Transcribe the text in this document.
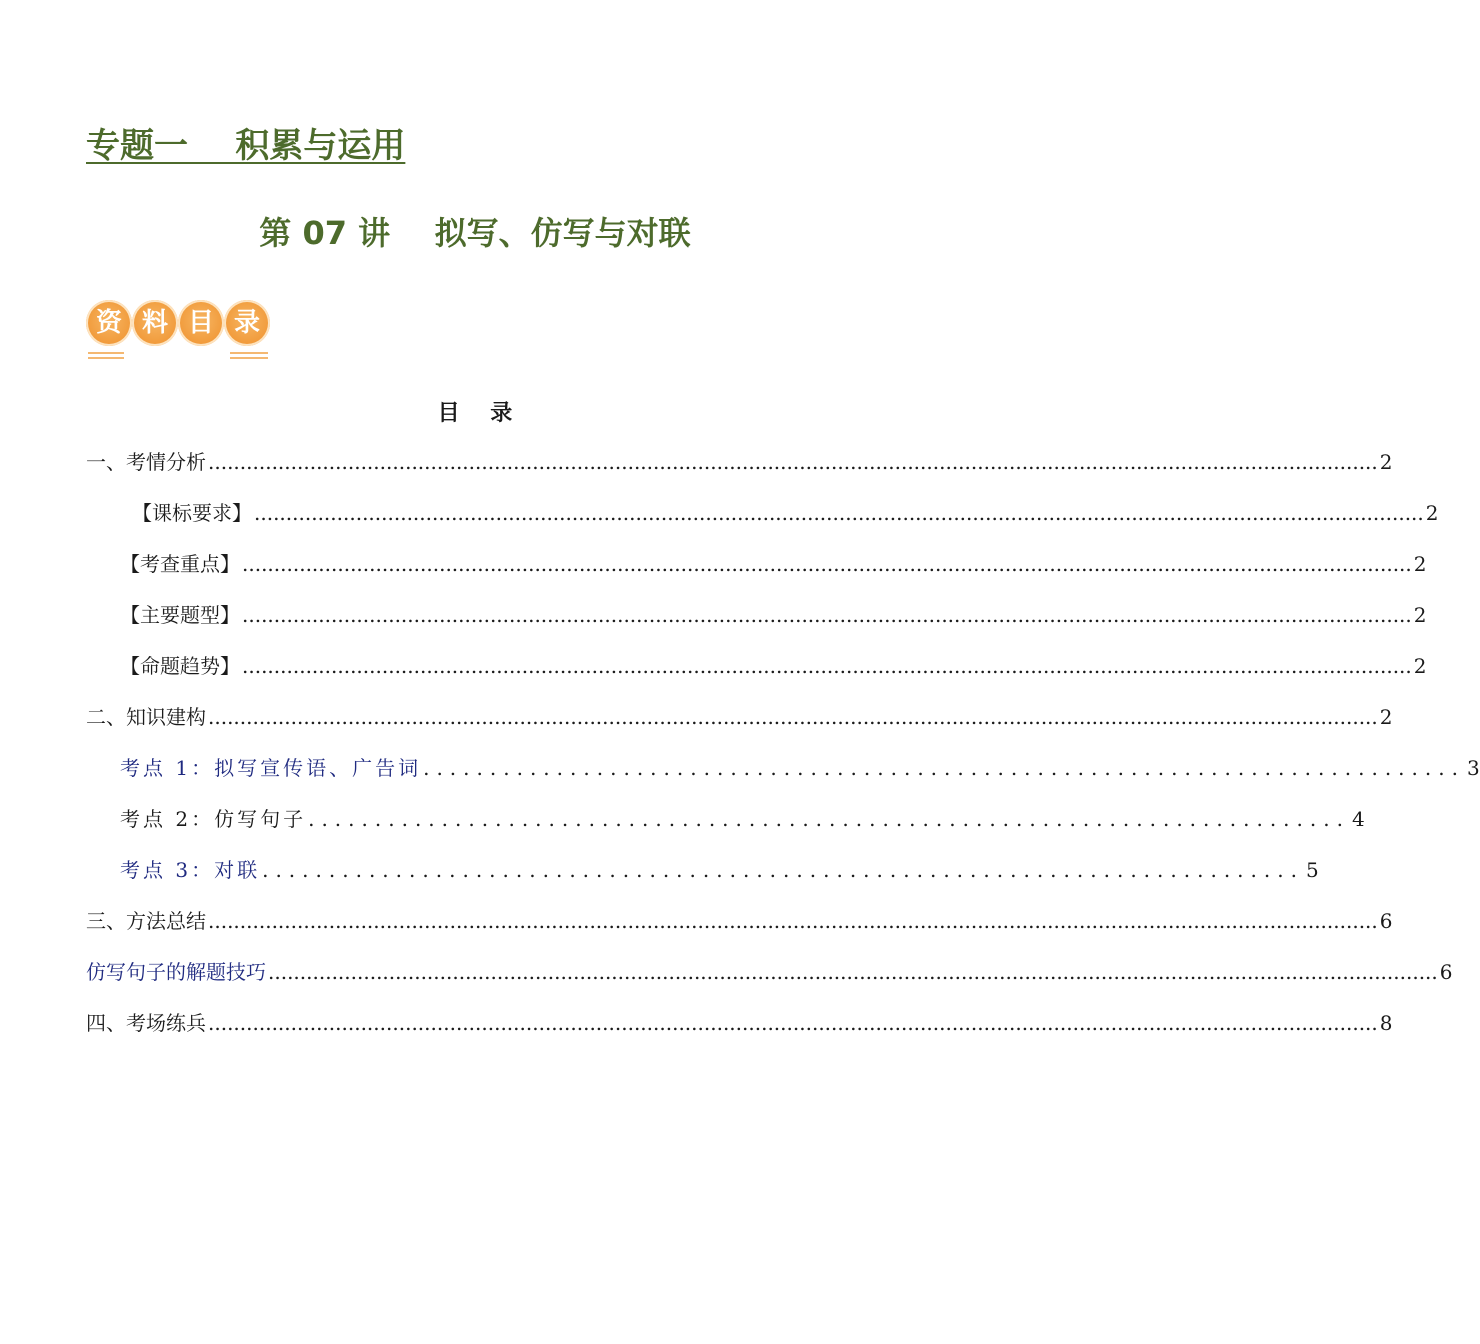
专题一    积累与运用
第 07 讲    拟写、仿写与对联
资 料 目 录
目    录
一、考情分析 ........................................................................................................................................................................................ 2
【课标要求】 ........................................................................................................................................................................................ 2
【考查重点】 ........................................................................................................................................................................................ 2
【主要题型】 ........................................................................................................................................................................................ 2
【命题趋势】 ........................................................................................................................................................................................ 2
二、知识建构 ........................................................................................................................................................................................ 2
考点 1：拟写宣传语、广告词 .............................................................................. 3
考点 2：仿写句子 .............................................................................. 4
考点 3：对联 .............................................................................. 5
三、方法总结 ........................................................................................................................................................................................ 6
仿写句子的解题技巧 ........................................................................................................................................................................................ 6
四、考场练兵 ........................................................................................................................................................................................ 8
